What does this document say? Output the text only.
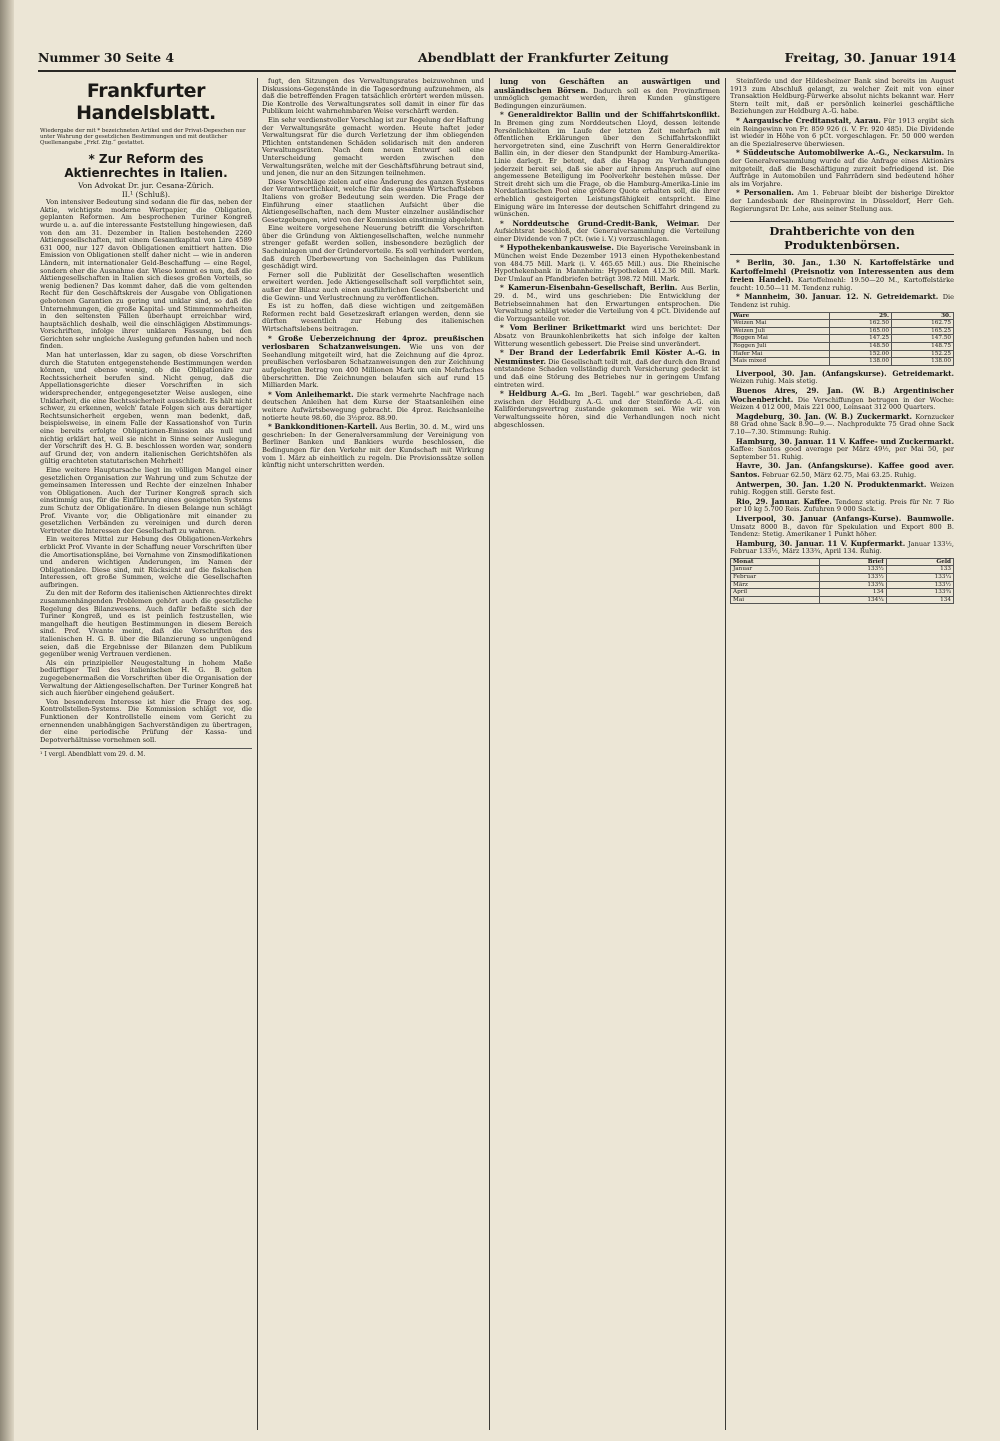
Nummer 30 Seite 4	Abendblatt der Frankfurter Zeitung	Freitag, 30. Januar 1914
Frankfurter Handelsblatt.
Wiedergabe der mit * bezeichneten Artikel und der Privat-Depeschen nur unter Wahrung der gesetzlichen Bestimmungen und mit deutlicher Quellenangabe „Frkf. Ztg.“ gestattet.
* Zur Reform des Aktienrechtes in Italien.
Von Advokat Dr. jur. Cesana-Zürich.
II.¹ (Schluß).

Von intensiver Bedeutung sind sodann die für das, neben der Aktie, wichtigste moderne Wertpapier, die Obligation, geplanten Reformen. Am besprochenen Turiner Kongreß wurde u. a. auf die interessante Feststellung hingewiesen, daß von den am 31. Dezember in Italien bestehenden 2260 Aktiengesellschaften, mit einem Gesamtkapital von Lire 4589 631 000, nur 127 davon Obligationen emittiert hatten. Die Emission von Obligationen stellt daher nicht — wie in anderen Ländern, mit internationaler Geld-Beschaffung — eine Regel, sondern eher die Ausnahme dar. Wieso kommt es nun, daß die Aktiengesellschaften in Italien sich dieses großen Vorteils, so wenig bedienen? Das kommt daher, daß die vom geltenden Recht für den Geschäftskreis der Ausgabe von Obligationen gebotenen Garantien zu gering und unklar sind, so daß die Unternehmungen, die große Kapital- und Stimmenmehrheiten in den seltensten Fällen überhaupt erreichbar wird, hauptsächlich deshalb, weil die einschlägigen Abstimmungs-Vorschriften, infolge ihrer unklaren Fassung, bei den Gerichten sehr ungleiche Auslegung gefunden haben und noch finden.

Man hat unterlassen, klar zu sagen, ob diese Vorschriften durch die Statuten entgegenstehende Bestimmungen werden können, und ebenso wenig, ob die Obligationäre zur Rechtssicherheit berufen sind. Nicht genug, daß die Appellationsgerichte dieser Vorschriften in sich widersprechender, entgegengesetzter Weise auslegen, eine Unklarheit, die eine Rechtssicherheit ausschließt. Es hält nicht schwer, zu erkennen, welch' fatale Folgen sich aus derartiger Rechtsunsicherheit ergeben, wenn man bedenkt, daß, beispielsweise, in einem Falle der Kassationshof von Turin eine bereits erfolgte Obligationen-Emission als null und nichtig erklärt hat, weil sie nicht in Sinne seiner Auslegung der Vorschrift des H. G. B. beschlossen worden war, sondern auf Grund der, von andern italienischen Gerichtshöfen als gültig erachteten statutarischen Mehrheit!

Eine weitere Hauptursache liegt im völligen Mangel einer gesetzlichen Organisation zur Wahrung und zum Schutze der gemeinsamen Interessen und Rechte der einzelnen Inhaber von Obligationen. Auch der Turiner Kongreß sprach sich einstimmig aus, für die Einführung eines geeigneten Systems zum Schutz der Obligationäre. In diesen Belange nun schlägt Prof. Vivante vor, die Obligationäre mit einander zu gesetzlichen Verbänden zu vereinigen und durch deren Vertreter die Interessen der Gesellschaft zu wahren.

Ein weiteres Mittel zur Hebung des Obligationen-Verkehrs erblickt Prof. Vivante in der Schaffung neuer Vorschriften über die Amortisationspläne, bei Vornahme von Zinsmodifikationen und anderen wichtigen Änderungen, im Namen der Obligationäre. Diese sind, mit Rücksicht auf die fiskalischen Interessen, oft große Summen, welche die Gesellschaften aufbringen.

Zu den mit der Reform des italienischen Aktienrechtes direkt zusammenhängenden Problemen gehört auch die gesetzliche Regelung des Bilanzwesens. Auch dafür befaßte sich der Turiner Kongreß, und es ist peinlich festzustellen, wie mangelhaft die heutigen Bestimmungen in diesem Bereich sind. Prof. Vivante meint, daß die Vorschriften des italienischen H. G. B. über die Bilanzierung so ungenügend seien, daß die Ergebnisse der Bilanzen dem Publikum gegenüber wenig Vertrauen verdienen.

Als ein prinzipieller Neugestaltung in hohem Maße bedürftiger Teil des italienischen H. G. B. gelten zugegebenermaßen die Vorschriften über die Organisation der Verwaltung der Aktiengesellschaften. Der Turiner Kongreß hat sich auch hierüber eingehend geäußert.

Von besonderem Interesse ist hier die Frage des sog. Kontrollstellen-Systems. Die Kommission schlägt vor, die Funktionen der Kontrollstelle einem vom Gericht zu ernennenden unabhängigen Sachverständigen zu übertragen, der eine periodische Prüfung der Kassa- und Depotverhältnisse vornehmen soll.

¹ I vergl. Abendblatt vom 29. d. M.

fugt, den Sitzungen des Verwaltungsrates beizuwohnen und Diskussions-Gegenstände in die Tagesordnung aufzunehmen, als daß die betreffenden Fragen tatsächlich erörtert werden müssen. Die Kontrolle des Verwaltungsrates soll damit in einer für das Publikum leicht wahrnehmbaren Weise verschärft werden.

Ein sehr verdienstvoller Vorschlag ist zur Regelung der Haftung der Verwaltungsräte gemacht worden. Heute haftet jeder Verwaltungsrat für die durch Verletzung der ihm obliegenden Pflichten entstandenen Schäden solidarisch mit den anderen Verwaltungsräten. Nach dem neuen Entwurf soll eine Unterscheidung gemacht werden zwischen den Verwaltungsräten, welche mit der Geschäftsführung betraut sind, und jenen, die nur an den Sitzungen teilnehmen.

Diese Vorschläge zielen auf eine Änderung des ganzen Systems der Verantwortlichkeit, welche für das gesamte Wirtschaftsleben Italiens von großer Bedeutung sein werden. Die Frage der Einführung einer staatlichen Aufsicht über die Aktiengesellschaften, nach dem Muster einzelner ausländischer Gesetzgebungen, wird von der Kommission einstimmig abgelehnt.

Eine weitere vorgesehene Neuerung betrifft die Vorschriften über die Gründung von Aktiengesellschaften, welche nunmehr strenger gefaßt werden sollen, insbesondere bezüglich der Sacheinlagen und der Gründervorteile. Es soll verhindert werden, daß durch Überbewertung von Sacheinlagen das Publikum geschädigt wird.

Ferner soll die Publizität der Gesellschaften wesentlich erweitert werden. Jede Aktiengesellschaft soll verpflichtet sein, außer der Bilanz auch einen ausführlichen Geschäftsbericht und die Gewinn- und Verlustrechnung zu veröffentlichen.

Es ist zu hoffen, daß diese wichtigen und zeitgemäßen Reformen recht bald Gesetzeskraft erlangen werden, denn sie dürften wesentlich zur Hebung des italienischen Wirtschaftslebens beitragen.

* Große Ueberzeichnung der 4proz. preußischen verlosbaren Schatzanweisungen. Wie uns von der Seehandlung mitgeteilt wird, hat die Zeichnung auf die 4proz. preußischen verlosbaren Schatzanweisungen den zur Zeichnung aufgelegten Betrag von 400 Millionen Mark um ein Mehrfaches überschritten. Die Zeichnungen belaufen sich auf rund 15 Milliarden Mark.

* Vom Anleihemarkt. Die stark vermehrte Nachfrage nach deutschen Anleihen hat dem Kurse der Staatsanleihen eine weitere Aufwärtsbewegung gebracht. Die 4proz. Reichsanleihe notierte heute 98.60, die 3½proz. 88.90.

* Bankkonditionen-Kartell. Aus Berlin, 30. d. M., wird uns geschrieben: In der Generalversammlung der Vereinigung von Berliner Banken und Bankiers wurde beschlossen, die Bedingungen für den Verkehr mit der Kundschaft mit Wirkung vom 1. März ab einheitlich zu regeln. Die Provisionssätze sollen künftig nicht unterschritten werden.

lung von Geschäften an auswärtigen und ausländischen Börsen. Dadurch soll es den Provinzfirmen unmöglich gemacht werden, ihren Kunden günstigere Bedingungen einzuräumen.

* Generaldirektor Ballin und der Schiffahrtskonflikt. In Bremen ging zum Norddeutschen Lloyd, dessen leitende Persönlichkeiten im Laufe der letzten Zeit mehrfach mit öffentlichen Erklärungen über den Schiffahrtskonflikt hervorgetreten sind, eine Zuschrift von Herrn Generaldirektor Ballin ein, in der dieser den Standpunkt der Hamburg-Amerika-Linie darlegt. Er betont, daß die Hapag zu Verhandlungen jederzeit bereit sei, daß sie aber auf ihrem Anspruch auf eine angemessene Beteiligung im Poolverkehr bestehen müsse. Der Streit dreht sich um die Frage, ob die Hamburg-Amerika-Linie im Nordatlantischen Pool eine größere Quote erhalten soll, die ihrer erheblich gesteigerten Leistungsfähigkeit entspricht. Eine Einigung wäre im Interesse der deutschen Schiffahrt dringend zu wünschen.

* Norddeutsche Grund-Credit-Bank, Weimar. Der Aufsichtsrat beschloß, der Generalversammlung die Verteilung einer Dividende von 7 pCt. (wie i. V.) vorzuschlagen.

* Hypothekenbankausweise. Die Bayerische Vereinsbank in München weist Ende Dezember 1913 einen Hypothekenbestand von 484.75 Mill. Mark (i. V. 465.65 Mill.) aus. Die Rheinische Hypothekenbank in Mannheim: Hypotheken 412.36 Mill. Mark. Der Umlauf an Pfandbriefen beträgt 398.72 Mill. Mark.

* Kamerun-Eisenbahn-Gesellschaft, Berlin. Aus Berlin, 29. d. M., wird uns geschrieben: Die Entwicklung der Betriebseinnahmen hat den Erwartungen entsprochen. Die Verwaltung schlägt wieder die Verteilung von 4 pCt. Dividende auf die Vorzugsanteile vor.

* Vom Berliner Brikettmarkt wird uns berichtet: Der Absatz von Braunkohlenbriketts hat sich infolge der kalten Witterung wesentlich gebessert. Die Preise sind unverändert.

* Der Brand der Lederfabrik Emil Köster A.-G. in Neumünster. Die Gesellschaft teilt mit, daß der durch den Brand entstandene Schaden vollständig durch Versicherung gedeckt ist und daß eine Störung des Betriebes nur in geringem Umfang eintreten wird.

* Heldburg A.-G. Im „Berl. Tagebl.“ war geschrieben, daß zwischen der Heldburg A.-G. und der Steinförde A.-G. ein Kaliförderungsvertrag zustande gekommen sei. Wie wir von Verwaltungsseite hören, sind die Verhandlungen noch nicht abgeschlossen.

Steinförde und der Hildesheimer Bank sind bereits im August 1913 zum Abschluß gelangt, zu welcher Zeit mit von einer Transaktion Heldburg-Fürwerke absolut nichts bekannt war. Herr Stern teilt mit, daß er persönlich keinerlei geschäftliche Beziehungen zur Heldburg A.-G. habe.

* Aargauische Creditanstalt, Aarau. Für 1913 ergibt sich ein Reingewinn von Fr. 859 926 (i. V. Fr. 920 485). Die Dividende ist wieder in Höhe von 6 pCt. vorgeschlagen. Fr. 50 000 werden an die Spezialreserve überwiesen.

* Süddeutsche Automobilwerke A.-G., Neckarsulm. In der Generalversammlung wurde auf die Anfrage eines Aktionärs mitgeteilt, daß die Beschäftigung zurzeit befriedigend ist. Die Aufträge in Automobilen und Fahrrädern sind bedeutend höher als im Vorjahre.

* Personalien. Am 1. Februar bleibt der bisherige Direktor der Landesbank der Rheinprovinz in Düsseldorf, Herr Geh. Regierungsrat Dr. Lohe, aus seiner Stellung aus.

Drahtberichte von den Produktenbörsen.

* Berlin, 30. Jan., 1.30 N. Kartoffelstärke und Kartoffelmehl (Preisnotiz von Interessenten aus dem freien Handel). Kartoffelmehl: 19.50—20 M., Kartoffelstärke feucht: 10.50—11 M. Tendenz ruhig.

* Mannheim, 30. Januar. 12. N. Getreidemarkt. Die Tendenz ist ruhig.

Ware	29.	30.
Weizen Mai	162.50	162.75
Weizen Juli	165.00	165.25
Roggen Mai	147.25	147.50
Roggen Juli	148.50	148.75
Hafer Mai	152.00	152.25
Mais mixed	138.00	138.00

Liverpool, 30. Jan. (Anfangskurse). Getreidemarkt. Weizen ruhig. Mais stetig.

Buenos Aires, 29. Jan. (W. B.) Argentinischer Wochenbericht. Die Verschiffungen betrugen in der Woche: Weizen 4 012 000, Mais 221 000, Leinsaat 312 000 Quarters.

Magdeburg, 30. Jan. (W. B.) Zuckermarkt. Kornzucker 88 Grad ohne Sack 8.90—9.—. Nachprodukte 75 Grad ohne Sack 7.10—7.30. Stimmung: Ruhig.

Hamburg, 30. Januar. 11 V. Kaffee- und Zuckermarkt. Kaffee: Santos good average per März 49½, per Mai 50, per September 51. Ruhig.

Havre, 30. Jan. (Anfangskurse). Kaffee good aver. Santos. Februar 62.50, März 62.75, Mai 63.25. Ruhig.

Antwerpen, 30. Jan. 1.20 N. Produktenmarkt. Weizen ruhig. Roggen still. Gerste fest.

Rio, 29. Januar. Kaffee. Tendenz stetig. Preis für Nr. 7 Rio per 10 kg 5.700 Reis. Zufuhren 9 000 Sack.

Liverpool, 30. Januar (Anfangs-Kurse). Baumwolle. Umsatz 8000 B., davon für Spekulation und Export 800 B. Tendenz: Stetig. Amerikaner 1 Punkt höher.

Hamburg, 30. Januar. 11 V. Kupfermarkt. Januar 133½, Februar 133½, März 133¾, April 134. Ruhig.

Monat	Brief	Geld
Januar	133½	133
Februar	133½	133¼
März	133¾	133½
April	134	133¾
Mai	134¼	134
